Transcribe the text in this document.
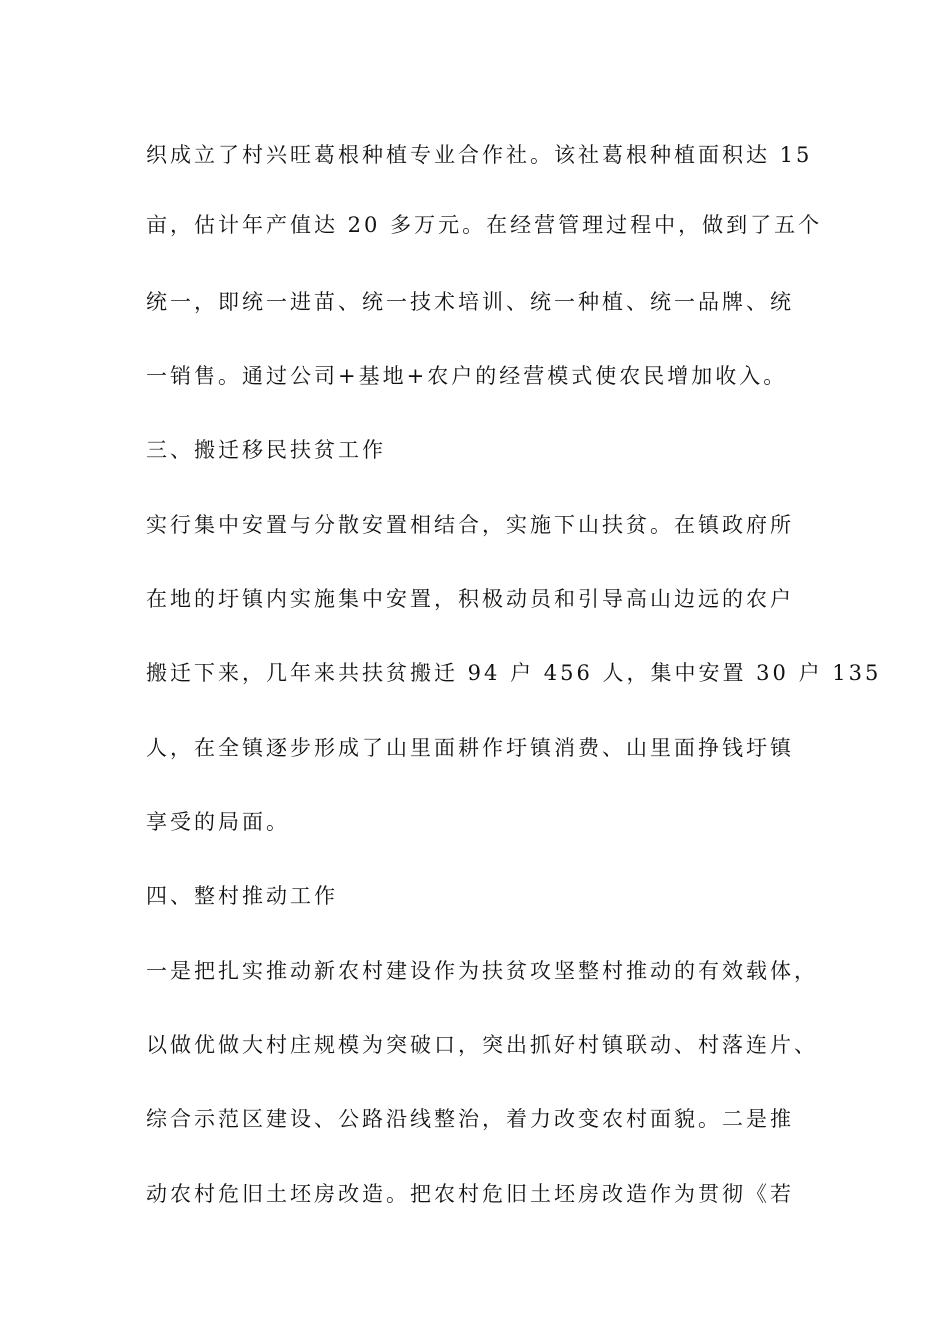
织成立了村兴旺葛根种植专业合作社。该社葛根种植面积达 15
亩，估计年产值达 20 多万元。在经营管理过程中，做到了五个
统一，即统一进苗、统一技术培训、统一种植、统一品牌、统
一销售。通过公司+基地+农户的经营模式使农民增加收入。
三、搬迁移民扶贫工作
实行集中安置与分散安置相结合，实施下山扶贫。在镇政府所
在地的圩镇内实施集中安置，积极动员和引导高山边远的农户
搬迁下来，几年来共扶贫搬迁 94 户 456 人，集中安置 30 户 135
人，在全镇逐步形成了山里面耕作圩镇消费、山里面挣钱圩镇
享受的局面。
四、整村推动工作
一是把扎实推动新农村建设作为扶贫攻坚整村推动的有效载体，
以做优做大村庄规模为突破口，突出抓好村镇联动、村落连片、
综合示范区建设、公路沿线整治，着力改变农村面貌。二是推
动农村危旧土坯房改造。把农村危旧土坯房改造作为贯彻《若
